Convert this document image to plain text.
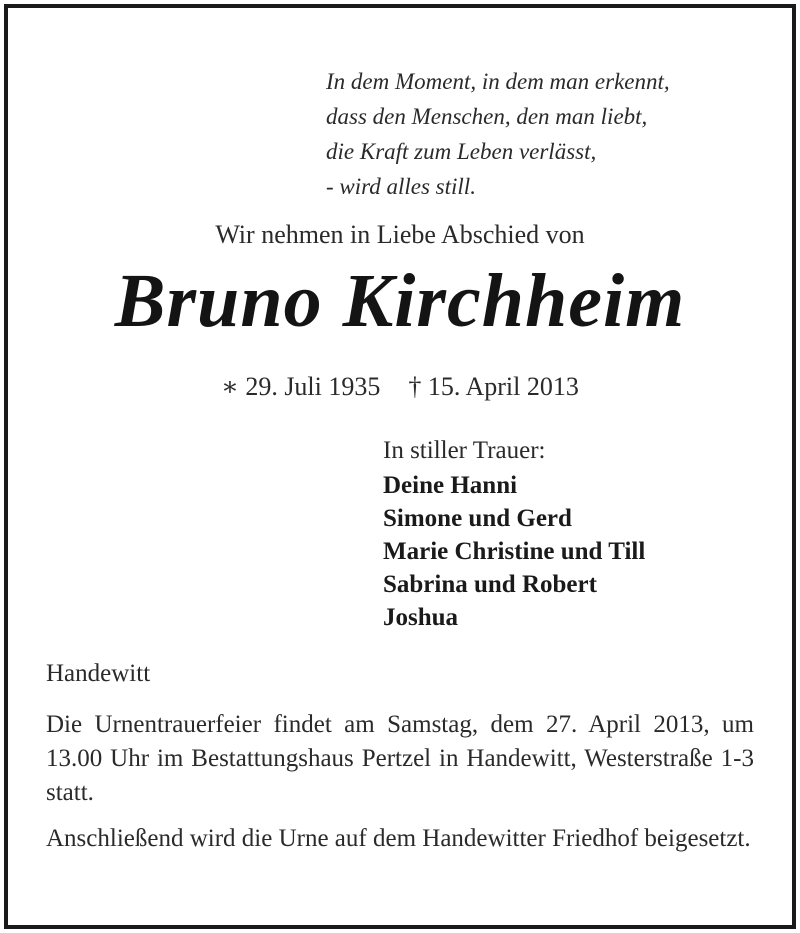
In dem Moment, in dem man erkennt,
dass den Menschen, den man liebt,
die Kraft zum Leben verlässt,
- wird alles still.
Wir nehmen in Liebe Abschied von
Bruno Kirchheim
∗ 29. Juli 1935 † 15. April 2013
In stiller Trauer:
Deine Hanni
Simone und Gerd
Marie Christine und Till
Sabrina und Robert
Joshua
Handewitt
Die Urnentrauerfeier findet am Samstag, dem 27. April 2013, um 13.00 Uhr im Bestattungshaus Pertzel in Handewitt, Westerstraße 1-3 statt.
Anschließend wird die Urne auf dem Handewitter Friedhof beigesetzt.
